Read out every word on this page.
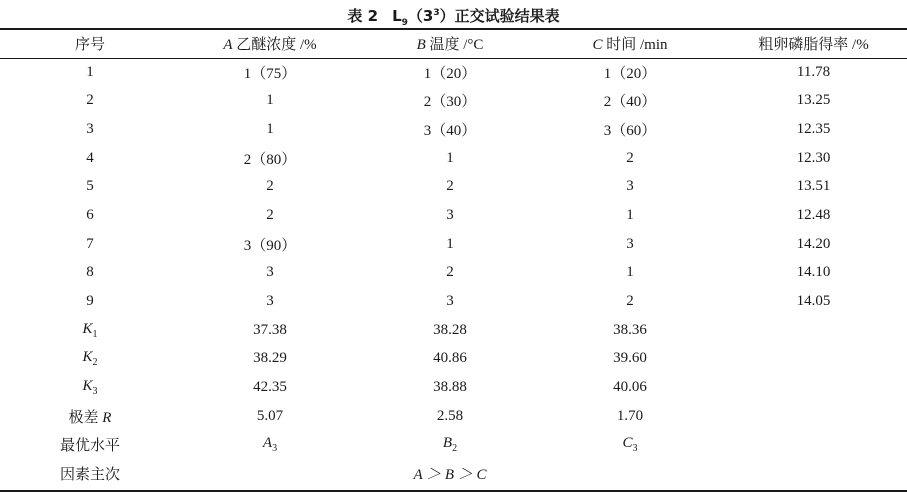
表 2 $L_9(3^3)$正交试验结果表
序号	A 乙醚浓度 /%	B 温度 /°C	C 时间 /min	粗卵磷脂得率 /%
1	1（75）	1（20）	1（20）	11.78
2	1	2（30）	2（40）	13.25
3	1	3（40）	3（60）	12.35
4	2（80）	1	2	12.30
5	2	2	3	13.51
6	2	3	1	12.48
7	3（90）	1	3	14.20
8	3	2	1	14.10
9	3	3	2	14.05
$K_1$	37.38	38.28	38.36	
$K_2$	38.29	40.86	39.60	
$K_3$	42.35	38.88	40.06	
极差 R	5.07	2.58	1.70	
最优水平	$A_3$	$B_2$	$C_3$	
因素主次	A ＞ B ＞ C			
